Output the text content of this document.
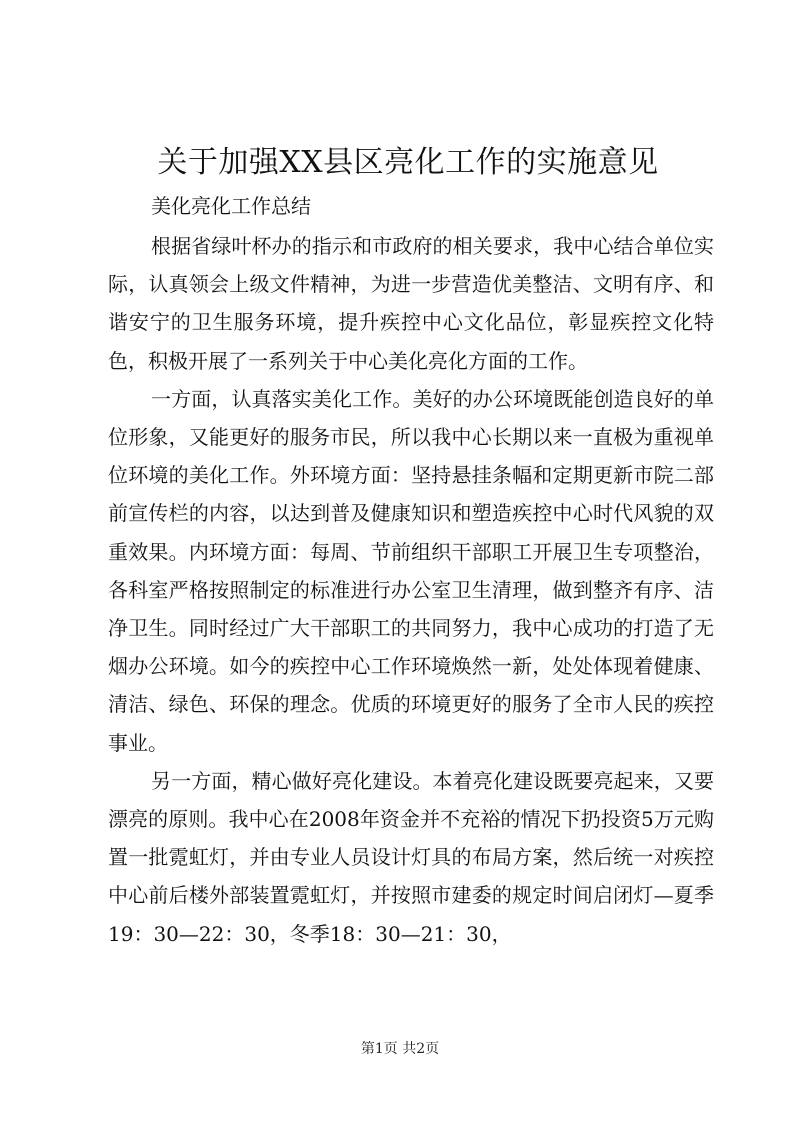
关于加强XX县区亮化工作的实施意见

美化亮化工作总结

根据省绿叶杯办的指示和市政府的相关要求，我中心结合单位实际，认真领会上级文件精神，为进一步营造优美整洁、文明有序、和谐安宁的卫生服务环境，提升疾控中心文化品位，彰显疾控文化特色，积极开展了一系列关于中心美化亮化方面的工作。

一方面，认真落实美化工作。美好的办公环境既能创造良好的单位形象，又能更好的服务市民，所以我中心长期以来一直极为重视单位环境的美化工作。外环境方面：坚持悬挂条幅和定期更新市院二部前宣传栏的内容，以达到普及健康知识和塑造疾控中心时代风貌的双重效果。内环境方面：每周、节前组织干部职工开展卫生专项整治，各科室严格按照制定的标准进行办公室卫生清理，做到整齐有序、洁净卫生。同时经过广大干部职工的共同努力，我中心成功的打造了无烟办公环境。如今的疾控中心工作环境焕然一新，处处体现着健康、清洁、绿色、环保的理念。优质的环境更好的服务了全市人民的疾控事业。

另一方面，精心做好亮化建设。本着亮化建设既要亮起来，又要漂亮的原则。我中心在2008年资金并不充裕的情况下扔投资5万元购置一批霓虹灯，并由专业人员设计灯具的布局方案，然后统一对疾控中心前后楼外部装置霓虹灯，并按照市建委的规定时间启闭灯—夏季19：30—22：30，冬季18：30—21：30，

第1页 共2页
